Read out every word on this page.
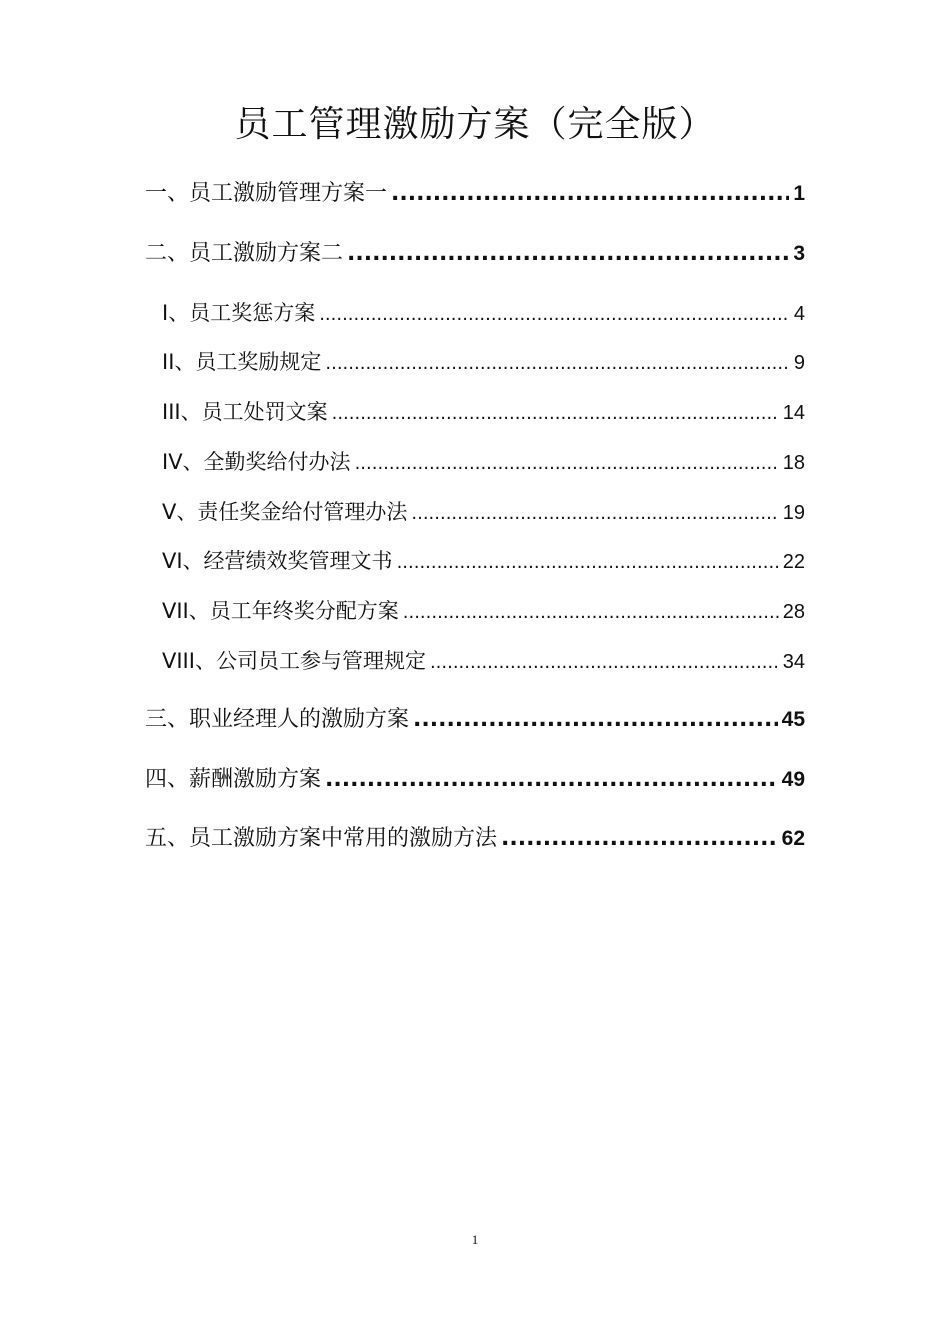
员工管理激励方案（完全版）
一、员工激励管理方案一 .....	1
二、员工激励方案二 .....	3
I、员工奖惩方案 .....	4
II、员工奖励规定 .....	9
III、员工处罚文案 .....	14
IV、全勤奖给付办法 .....	18
V、责任奖金给付管理办法 .....	19
VI、经营绩效奖管理文书 .....	22
VII、员工年终奖分配方案 .....	28
VIII、公司员工参与管理规定 .....	34
三、职业经理人的激励方案 .....	45
四、薪酬激励方案 .....	49
五、员工激励方案中常用的激励方法 .....	62
1
